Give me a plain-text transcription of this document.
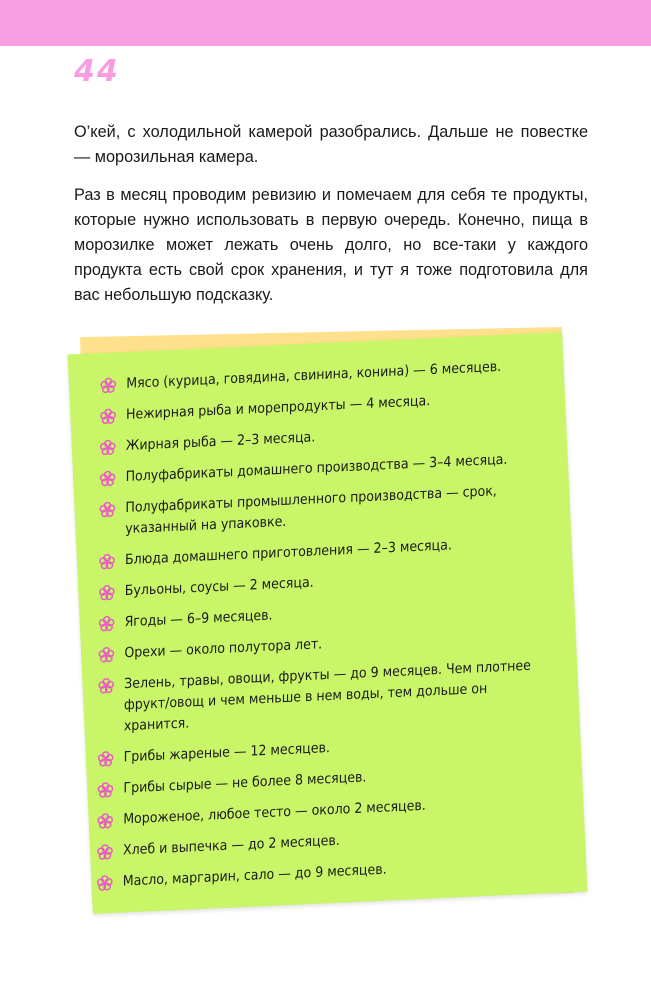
44

О’кей, с холодильной камерой разобрались. Дальше не повестке — морозильная камера.

Раз в месяц проводим ревизию и помечаем для себя те продукты, которые нужно использовать в первую очередь. Конечно, пища в морозилке может лежать очень долго, но все-таки у каждого продукта есть свой срок хранения, и тут я тоже подготовила для вас небольшую подсказку.

Мясо (курица, говядина, свинина, конина) — 6 месяцев.
Нежирная рыба и морепродукты — 4 месяца.
Жирная рыба — 2–3 месяца.
Полуфабрикаты домашнего производства — 3–4 месяца.
Полуфабрикаты промышленного производства — срок, указанный на упаковке.
Блюда домашнего приготовления — 2–3 месяца.
Бульоны, соусы — 2 месяца.
Ягоды — 6–9 месяцев.
Орехи — около полутора лет.
Зелень, травы, овощи, фрукты — до 9 месяцев. Чем плотнее фрукт/овощ и чем меньше в нем воды, тем дольше он хранится.
Грибы жареные — 12 месяцев.
Грибы сырые — не более 8 месяцев.
Мороженое, любое тесто — около 2 месяцев.
Хлеб и выпечка — до 2 месяцев.
Масло, маргарин, сало — до 9 месяцев.
